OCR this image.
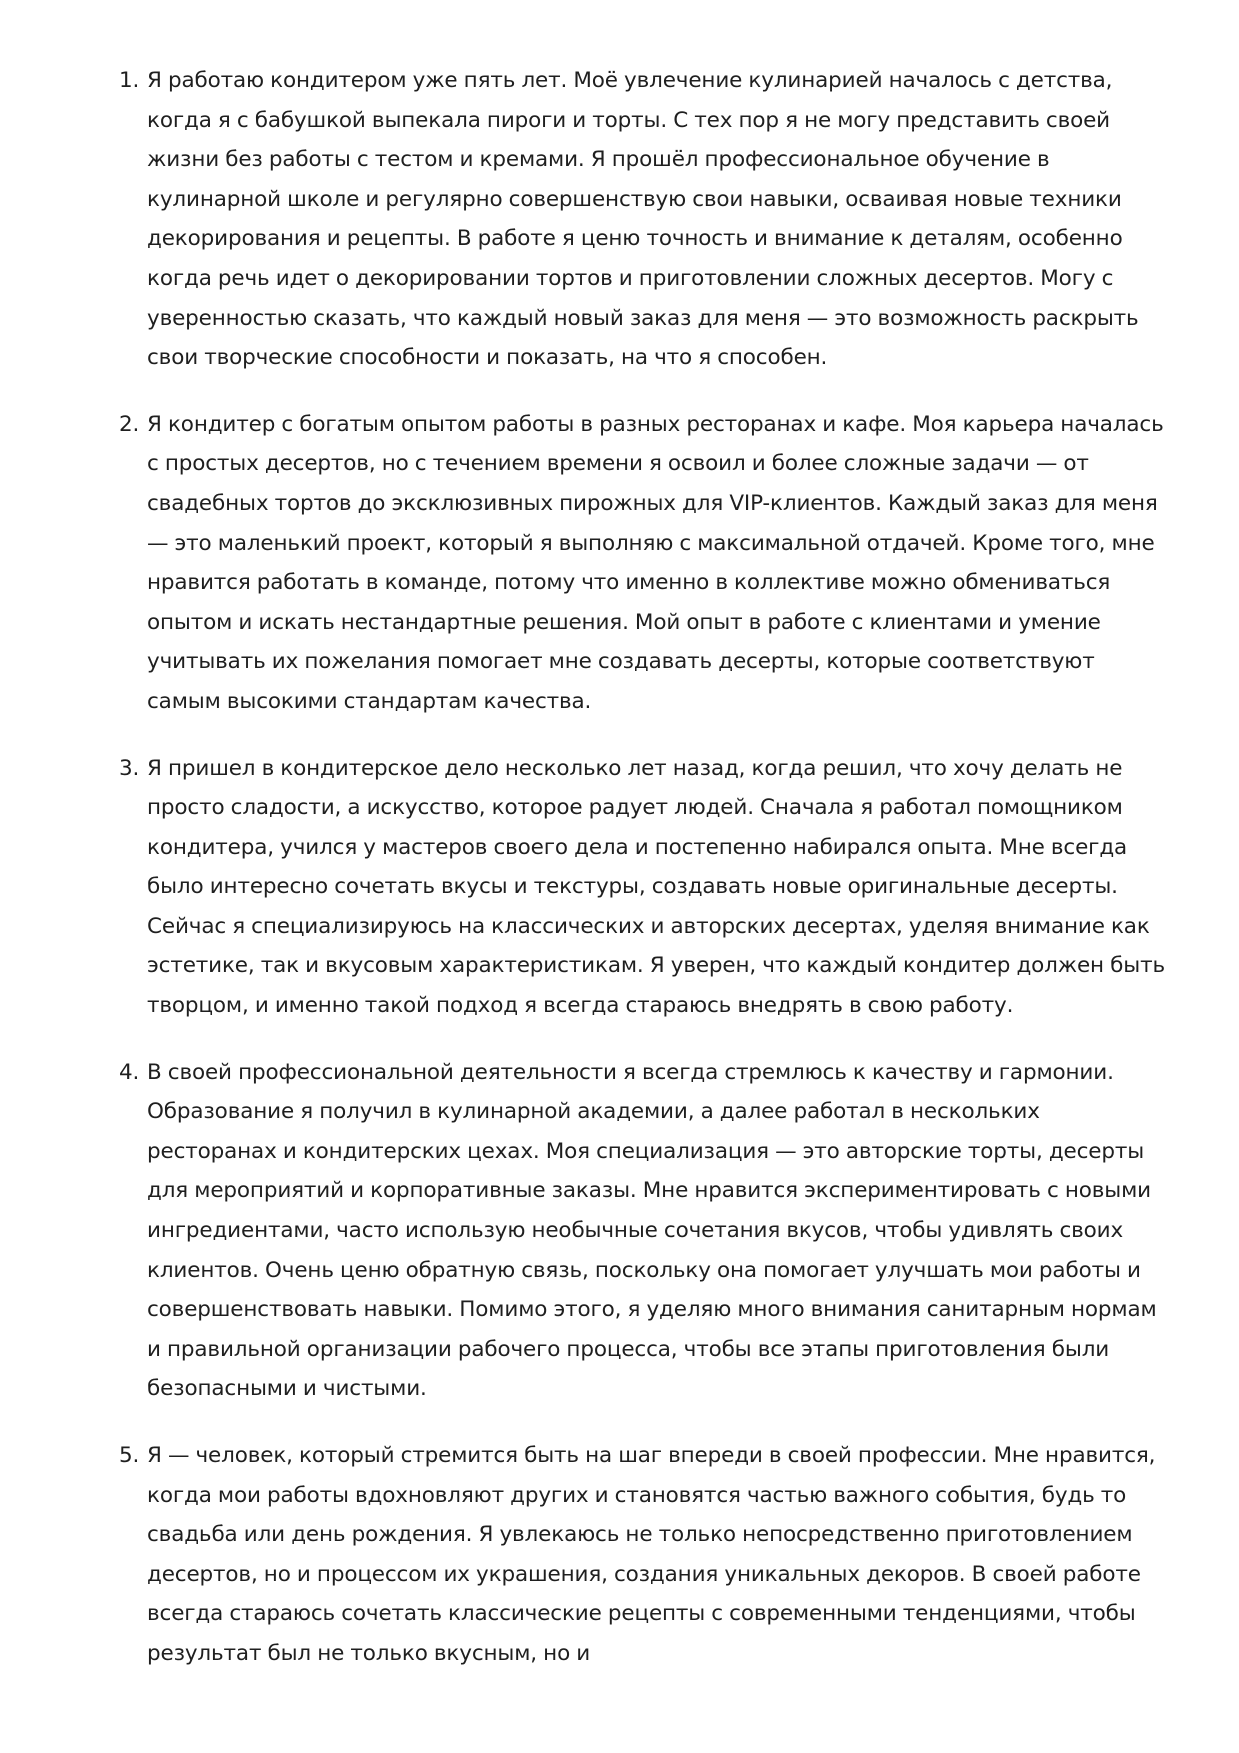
1. Я работаю кондитером уже пять лет. Моё увлечение кулинарией началось с детства, когда я с бабушкой выпекала пироги и торты. С тех пор я не могу представить своей жизни без работы с тестом и кремами. Я прошёл профессиональное обучение в кулинарной школе и регулярно совершенствую свои навыки, осваивая новые техники декорирования и рецепты. В работе я ценю точность и внимание к деталям, особенно когда речь идет о декорировании тортов и приготовлении сложных десертов. Могу с уверенностью сказать, что каждый новый заказ для меня — это возможность раскрыть свои творческие способности и показать, на что я способен.
2. Я кондитер с богатым опытом работы в разных ресторанах и кафе. Моя карьера началась с простых десертов, но с течением времени я освоил и более сложные задачи — от свадебных тортов до эксклюзивных пирожных для VIP-клиентов. Каждый заказ для меня — это маленький проект, который я выполняю с максимальной отдачей. Кроме того, мне нравится работать в команде, потому что именно в коллективе можно обмениваться опытом и искать нестандартные решения. Мой опыт в работе с клиентами и умение учитывать их пожелания помогает мне создавать десерты, которые соответствуют самым высокими стандартам качества.
3. Я пришел в кондитерское дело несколько лет назад, когда решил, что хочу делать не просто сладости, а искусство, которое радует людей. Сначала я работал помощником кондитера, учился у мастеров своего дела и постепенно набирался опыта. Мне всегда было интересно сочетать вкусы и текстуры, создавать новые оригинальные десерты. Сейчас я специализируюсь на классических и авторских десертах, уделяя внимание как эстетике, так и вкусовым характеристикам. Я уверен, что каждый кондитер должен быть творцом, и именно такой подход я всегда стараюсь внедрять в свою работу.
4. В своей профессиональной деятельности я всегда стремлюсь к качеству и гармонии. Образование я получил в кулинарной академии, а далее работал в нескольких ресторанах и кондитерских цехах. Моя специализация — это авторские торты, десерты для мероприятий и корпоративные заказы. Мне нравится экспериментировать с новыми ингредиентами, часто использую необычные сочетания вкусов, чтобы удивлять своих клиентов. Очень ценю обратную связь, поскольку она помогает улучшать мои работы и совершенствовать навыки. Помимо этого, я уделяю много внимания санитарным нормам и правильной организации рабочего процесса, чтобы все этапы приготовления были безопасными и чистыми.
5. Я — человек, который стремится быть на шаг впереди в своей профессии. Мне нравится, когда мои работы вдохновляют других и становятся частью важного события, будь то свадьба или день рождения. Я увлекаюсь не только непосредственно приготовлением десертов, но и процессом их украшения, создания уникальных декоров. В своей работе всегда стараюсь сочетать классические рецепты с современными тенденциями, чтобы результат был не только вкусным, но и
